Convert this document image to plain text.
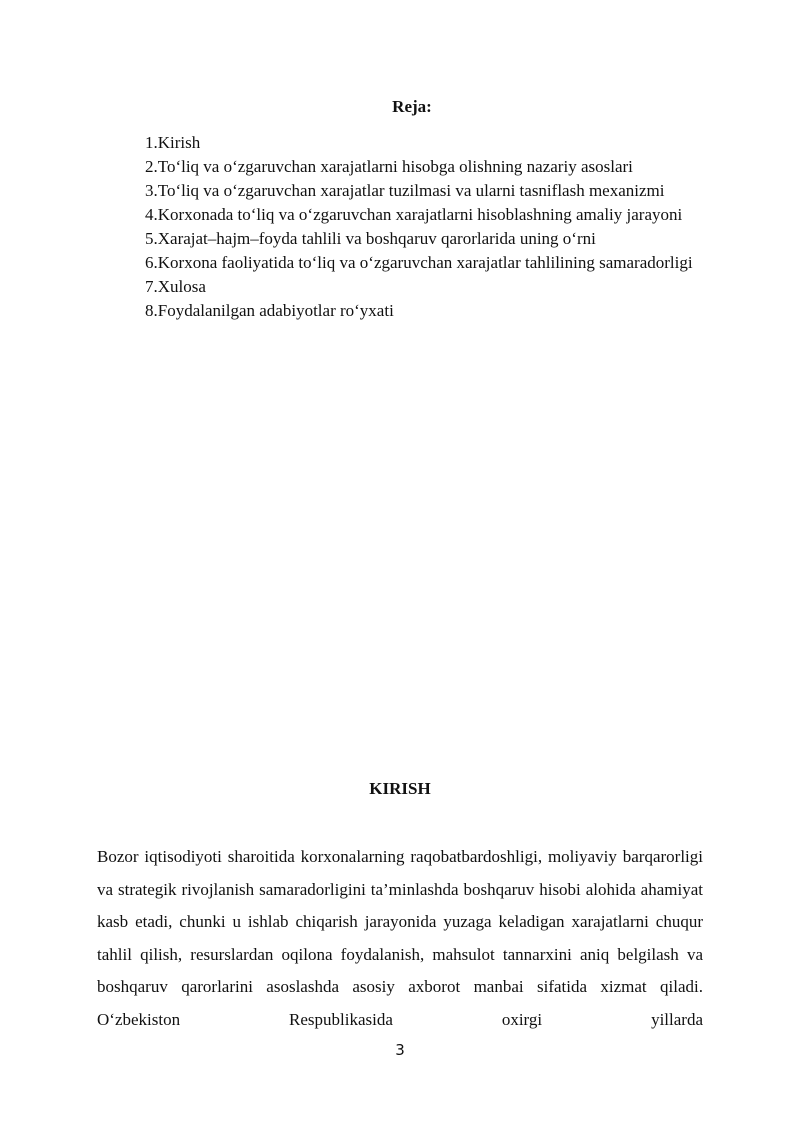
Reja:
1.Kirish
2.To‘liq va o‘zgaruvchan xarajatlarni hisobga olishning nazariy asoslari
3.To‘liq va o‘zgaruvchan xarajatlar tuzilmasi va ularni tasniflash mexanizmi
4.Korxonada to‘liq va o‘zgaruvchan xarajatlarni hisoblashning amaliy jarayoni
5.Xarajat–hajm–foyda tahlili va boshqaruv qarorlarida uning o‘rni
6.Korxona faoliyatida to‘liq va o‘zgaruvchan xarajatlar tahlilining samaradorligi
7.Xulosa
8.Foydalanilgan adabiyotlar ro‘yxati
KIRISH

Bozor iqtisodiyoti sharoitida korxonalarning raqobatbardoshligi, moliyaviy barqarorligi va strategik rivojlanish samaradorligini ta’minlashda boshqaruv hisobi alohida ahamiyat kasb etadi, chunki u ishlab chiqarish jarayonida yuzaga keladigan xarajatlarni chuqur tahlil qilish, resurslardan oqilona foydalanish, mahsulot tannarxini aniq belgilash va boshqaruv qarorlarini asoslashda asosiy axborot manbai sifatida xizmat qiladi. O‘zbekiston Respublikasida oxirgi yillarda

3
